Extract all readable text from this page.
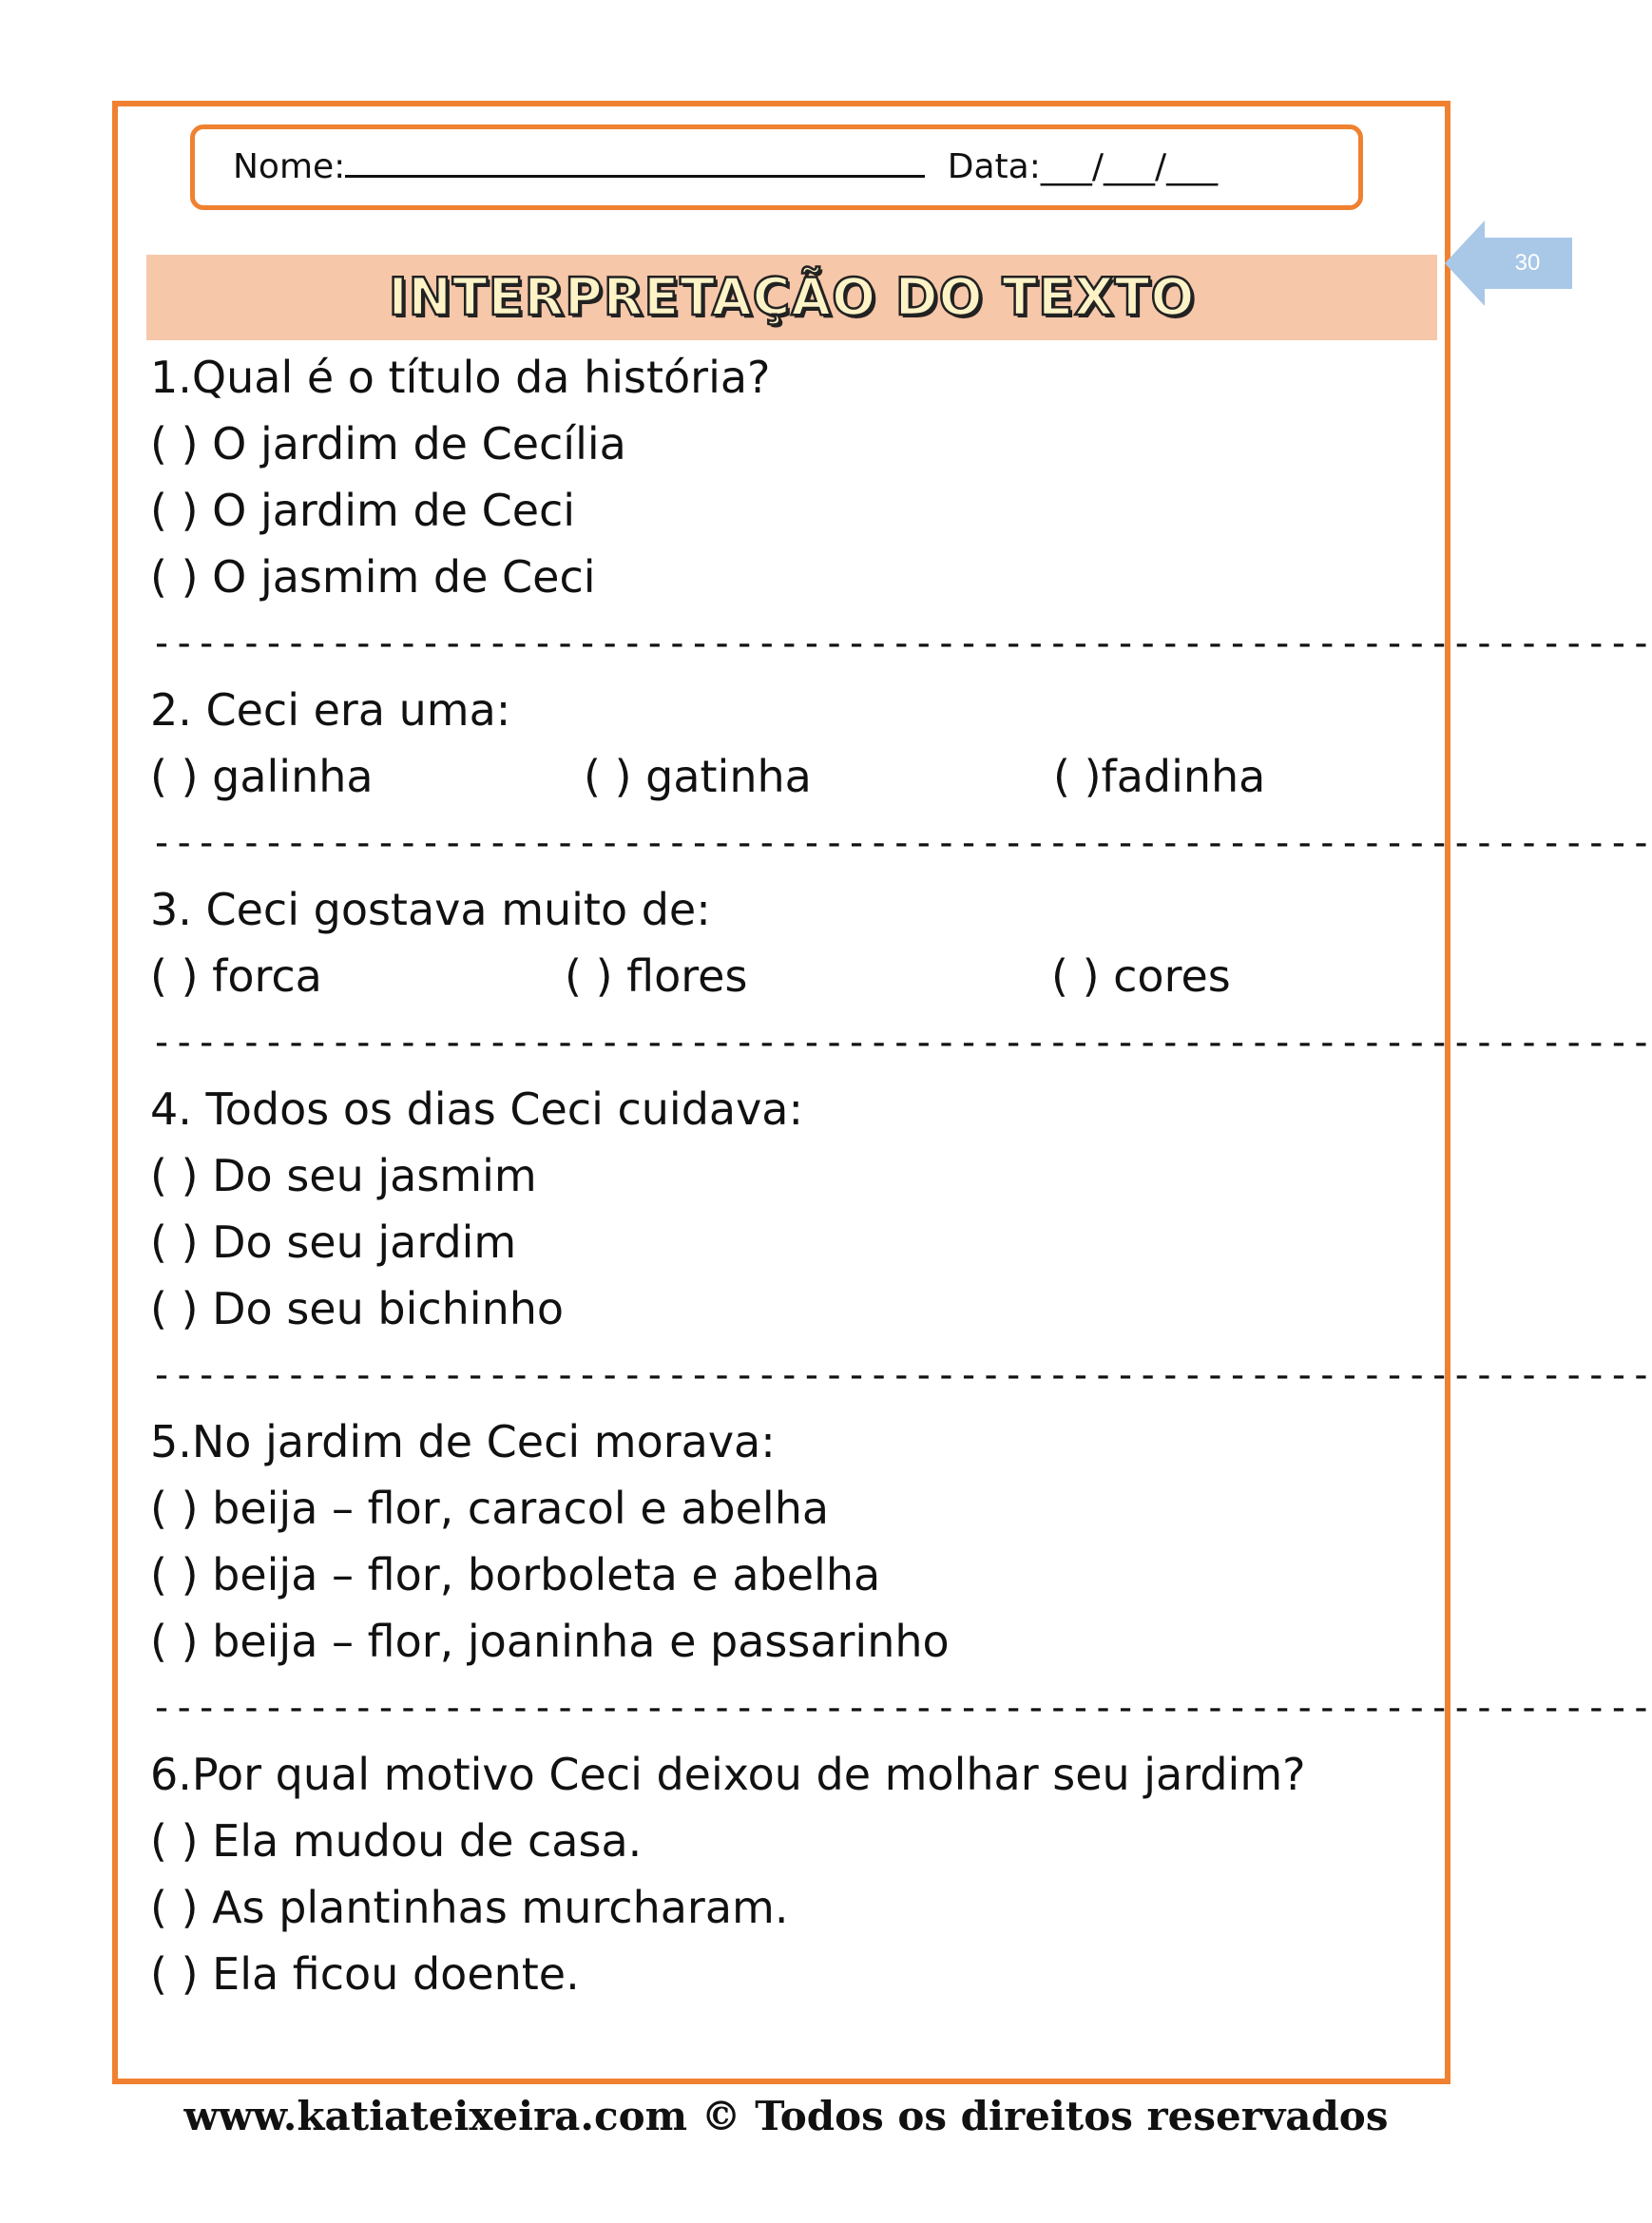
Nome:	Data:___/___/___
30
INTERPRETAÇÃO DO TEXTO
1.Qual é o título da história?
( ) O jardim de Cecília
( ) O jardim de Ceci
( ) O jasmim de Ceci
-------------------------------------------------------------------
2. Ceci era uma:
( ) galinha	( ) gatinha	( )fadinha
-------------------------------------------------------------------
3. Ceci gostava muito de:
( ) forca	( ) flores	( ) cores
-------------------------------------------------------------------
4. Todos os dias Ceci cuidava:
( ) Do seu jasmim
( ) Do seu jardim
( ) Do seu bichinho
-------------------------------------------------------------------
5.No jardim de Ceci morava:
( ) beija – flor, caracol e abelha
( ) beija – flor, borboleta e abelha
( ) beija – flor, joaninha e passarinho
-------------------------------------------------------------------
6.Por qual motivo Ceci deixou de molhar seu jardim?
( ) Ela mudou de casa.
( ) As plantinhas murcharam.
( ) Ela ficou doente.
www.katiateixeira.com © Todos os direitos reservados
